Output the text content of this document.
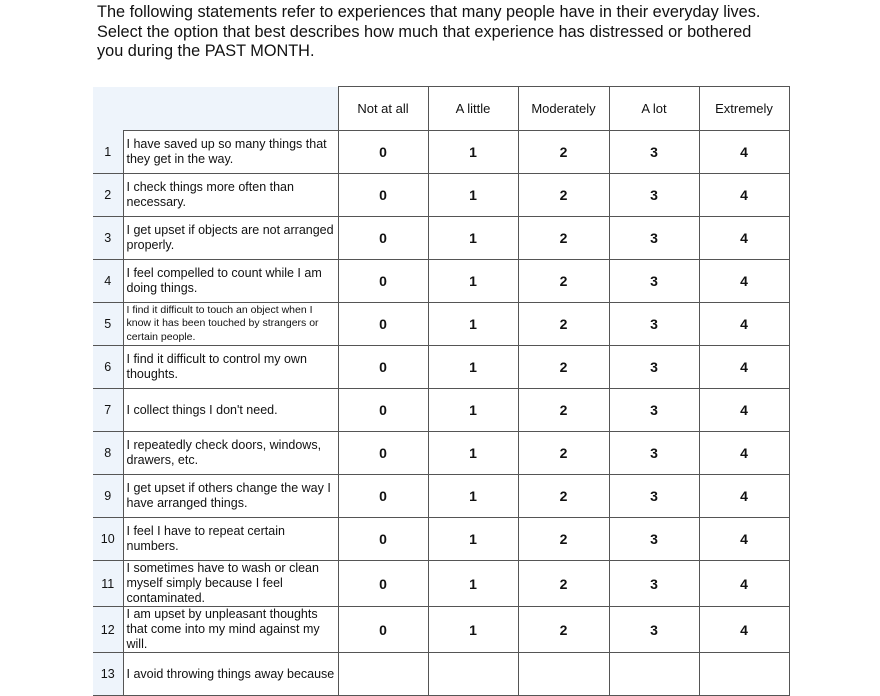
The following statements refer to experiences that many people have in their everyday lives.

Select the option that best describes how much that experience has distressed or bothered

you during the PAST MONTH.

		Not at all	A little	Moderately	A lot	Extremely
1	I have saved up so many things that they get in the way.	0	1	2	3	4
2	I check things more often than necessary.	0	1	2	3	4
3	I get upset if objects are not arranged properly.	0	1	2	3	4
4	I feel compelled to count while I am doing things.	0	1	2	3	4
5	I find it difficult to touch an object when I know it has been touched by strangers or certain people.	0	1	2	3	4
6	I find it difficult to control my own thoughts.	0	1	2	3	4
7	I collect things I don't need.	0	1	2	3	4
8	I repeatedly check doors, windows, drawers, etc.	0	1	2	3	4
9	I get upset if others change the way I have arranged things.	0	1	2	3	4
10	I feel I have to repeat certain numbers.	0	1	2	3	4
11	I sometimes have to wash or clean myself simply because I feel contaminated.	0	1	2	3	4
12	I am upset by unpleasant thoughts that come into my mind against my will.	0	1	2	3	4
13	I avoid throwing things away because					
